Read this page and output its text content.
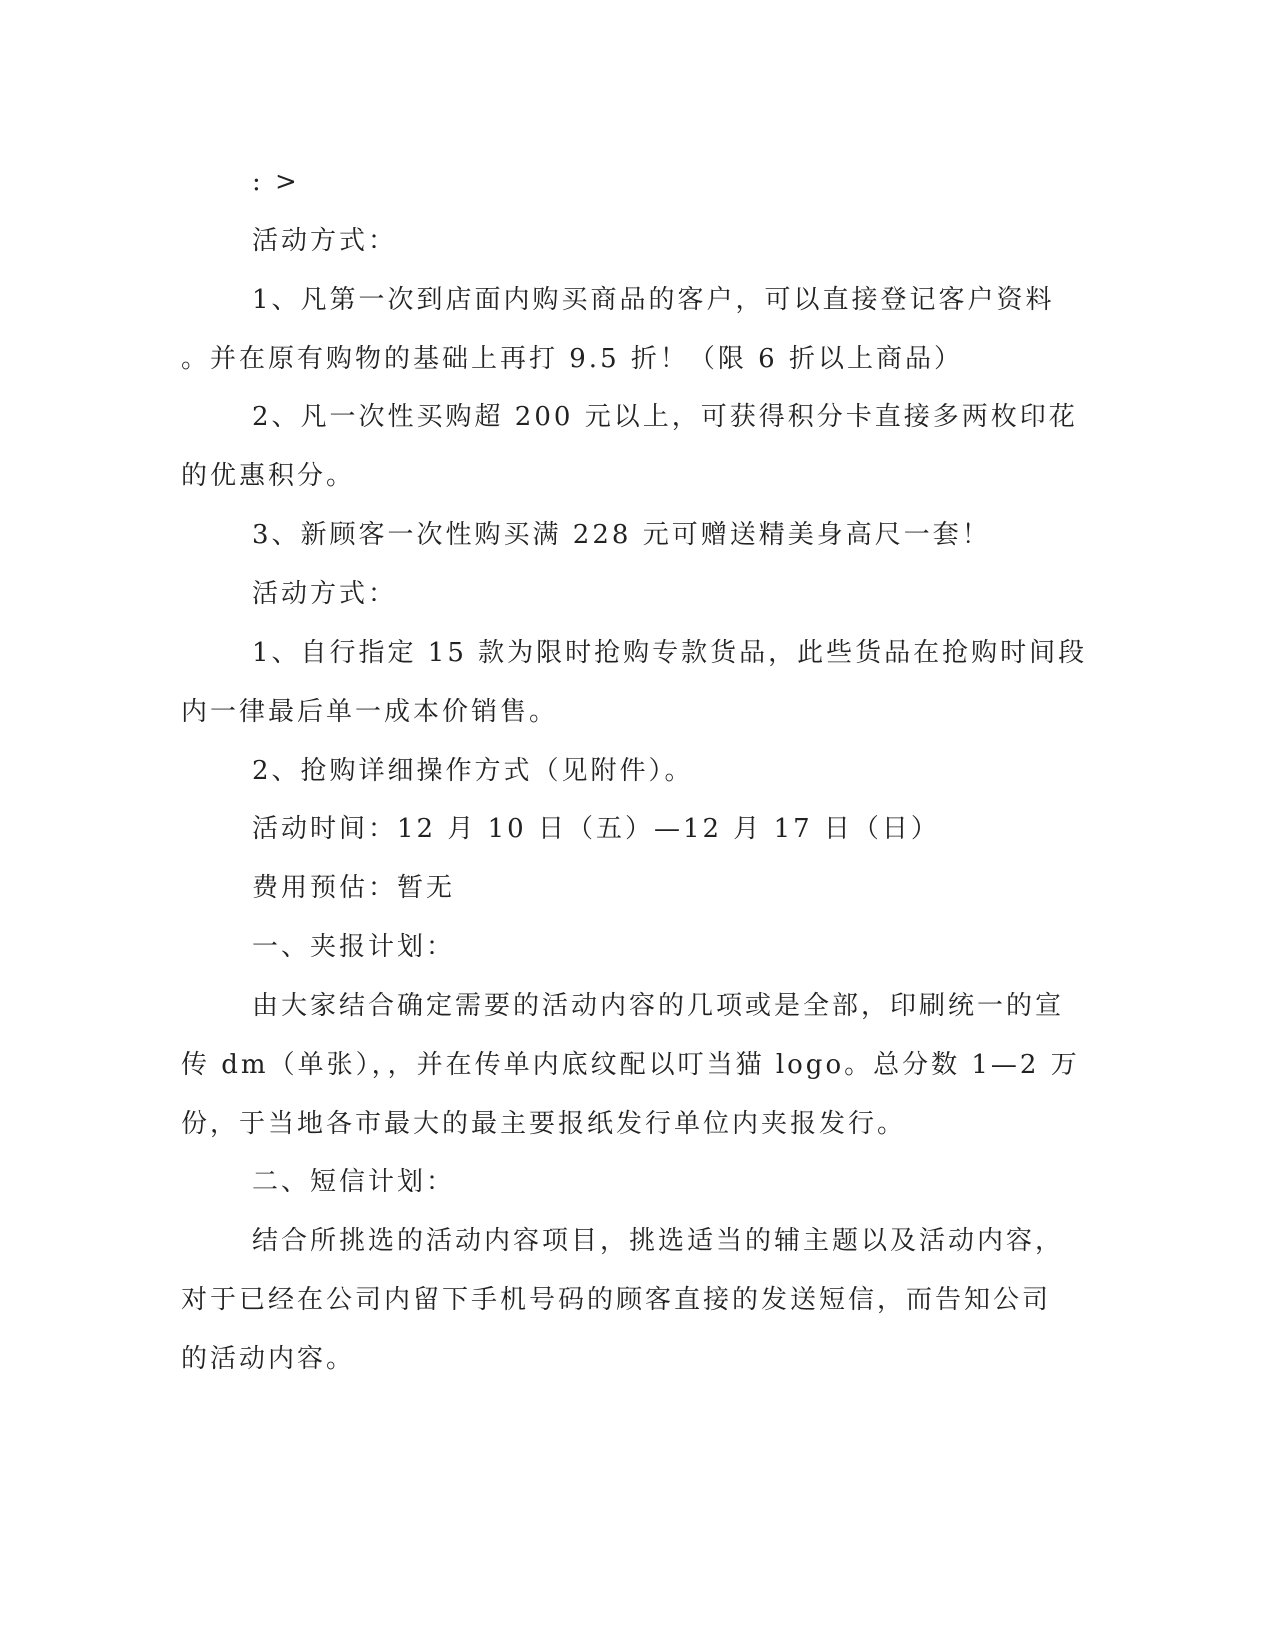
: >
活动方式：
1、凡第一次到店面内购买商品的客户，可以直接登记客户资料
。并在原有购物的基础上再打 9.5 折！（限 6 折以上商品）
2、凡一次性买购超 200 元以上，可获得积分卡直接多两枚印花
的优惠积分。
3、新顾客一次性购买满 228 元可赠送精美身高尺一套！
活动方式：
1、自行指定 15 款为限时抢购专款货品，此些货品在抢购时间段
内一律最后单一成本价销售。
2、抢购详细操作方式（见附件）。
活动时间：12 月 10 日（五）—12 月 17 日（日）
费用预估：暂无
一、夹报计划：
由大家结合确定需要的活动内容的几项或是全部，印刷统一的宣
传 dm（单张），，并在传单内底纹配以叮当猫 logo。总分数 1—2 万
份，于当地各市最大的最主要报纸发行单位内夹报发行。
二、短信计划：
结合所挑选的活动内容项目，挑选适当的辅主题以及活动内容，
对于已经在公司内留下手机号码的顾客直接的发送短信，而告知公司
的活动内容。
